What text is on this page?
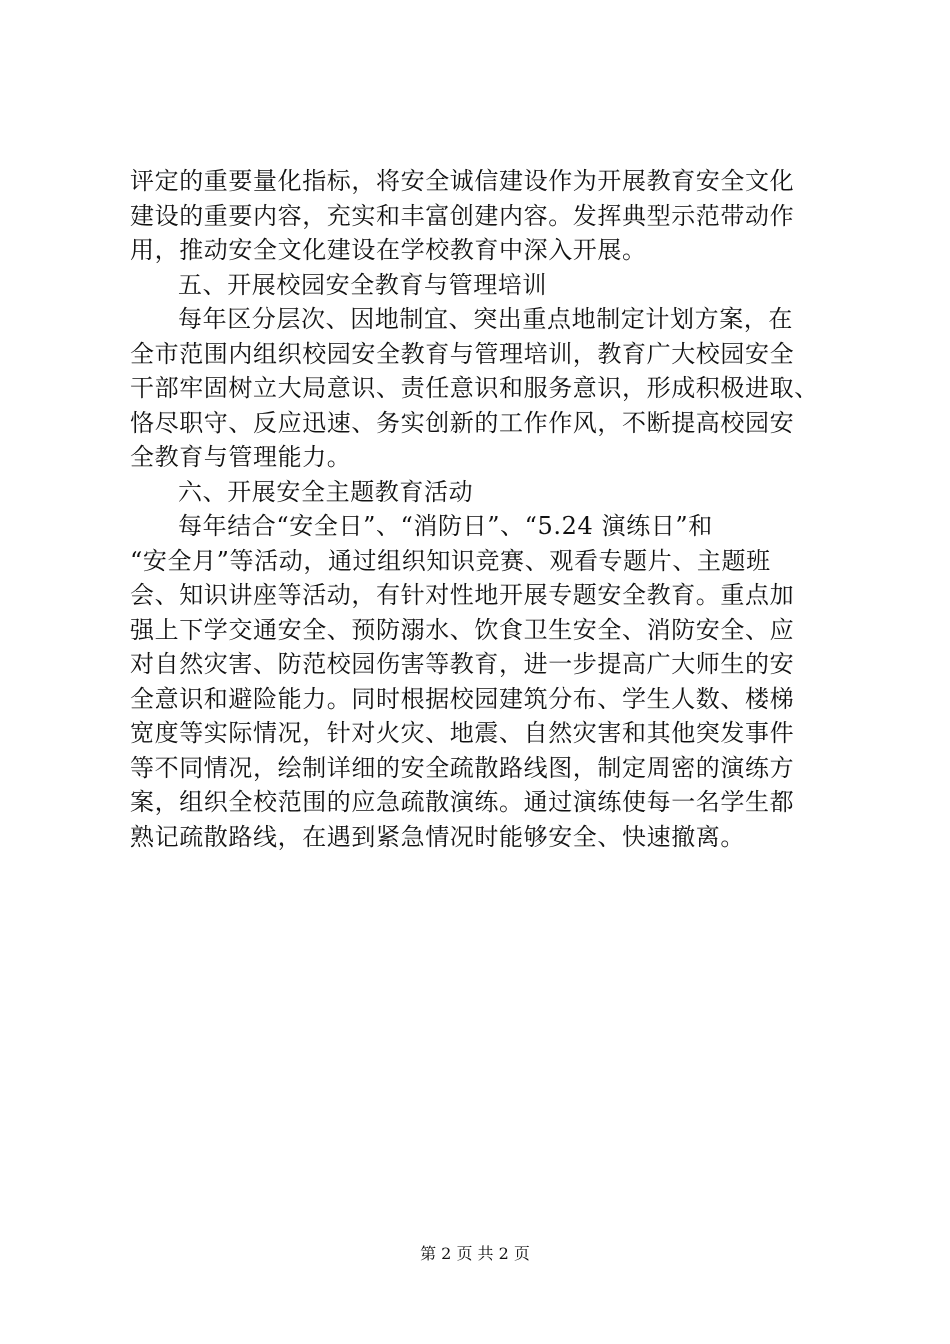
评定的重要量化指标，将安全诚信建设作为开展教育安全文化
建设的重要内容，充实和丰富创建内容。发挥典型示范带动作
用，推动安全文化建设在学校教育中深入开展。
五、开展校园安全教育与管理培训
每年区分层次、因地制宜、突出重点地制定计划方案，在
全市范围内组织校园安全教育与管理培训，教育广大校园安全
干部牢固树立大局意识、责任意识和服务意识，形成积极进取、
恪尽职守、反应迅速、务实创新的工作作风，不断提高校园安
全教育与管理能力。
六、开展安全主题教育活动
每年结合“安全日”、“消防日”、“5.24 演练日”和
“安全月”等活动，通过组织知识竞赛、观看专题片、主题班
会、知识讲座等活动，有针对性地开展专题安全教育。重点加
强上下学交通安全、预防溺水、饮食卫生安全、消防安全、应
对自然灾害、防范校园伤害等教育，进一步提高广大师生的安
全意识和避险能力。同时根据校园建筑分布、学生人数、楼梯
宽度等实际情况，针对火灾、地震、自然灾害和其他突发事件
等不同情况，绘制详细的安全疏散路线图，制定周密的演练方
案，组织全校范围的应急疏散演练。通过演练使每一名学生都
熟记疏散路线，在遇到紧急情况时能够安全、快速撤离。
第 2 页 共 2 页
